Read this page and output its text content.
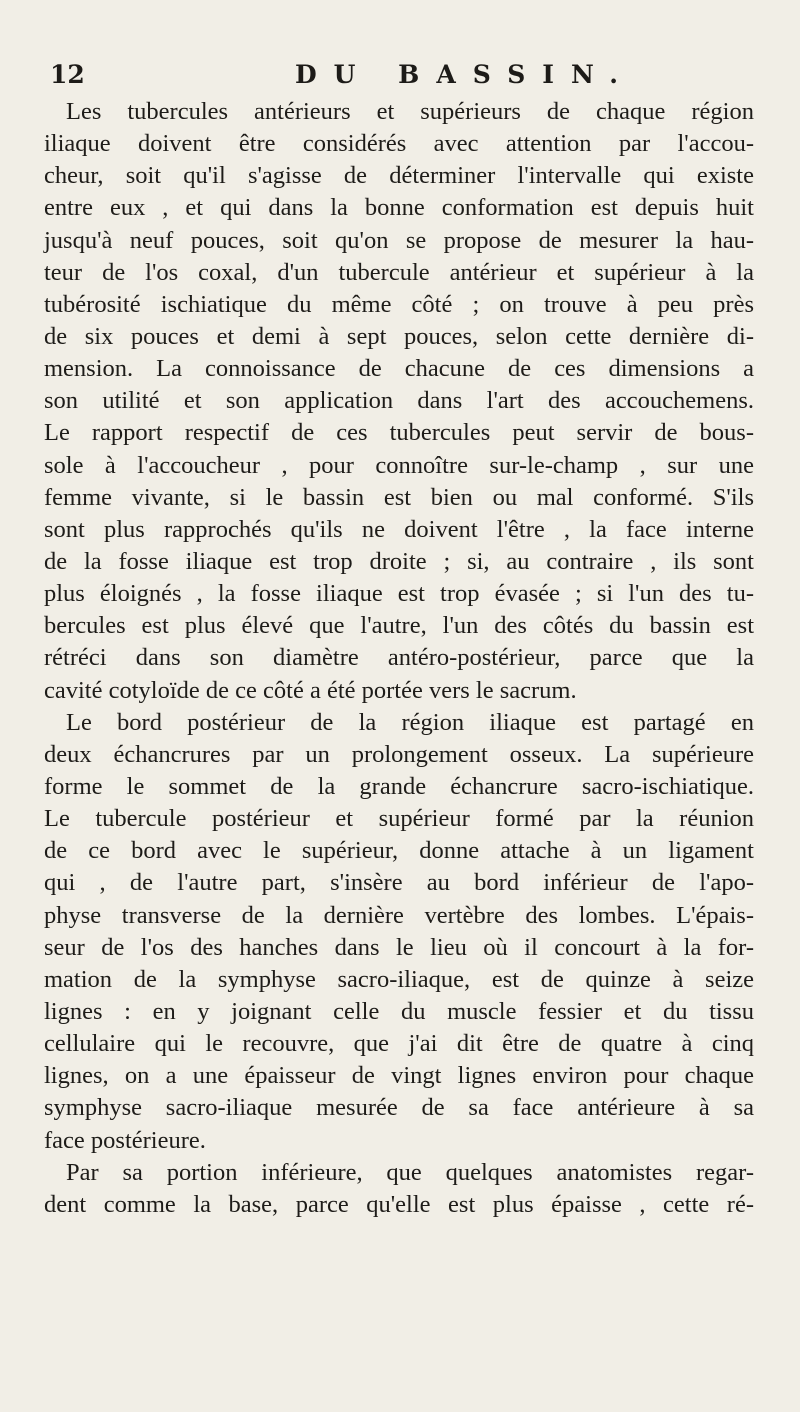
12	DU BASSIN.
Les tubercules antérieurs et supérieurs de chaque région
iliaque doivent être considérés avec attention par l'accou-
cheur, soit qu'il s'agisse de déterminer l'intervalle qui existe
entre eux , et qui dans la bonne conformation est depuis huit
jusqu'à neuf pouces, soit qu'on se propose de mesurer la hau-
teur de l'os coxal, d'un tubercule antérieur et supérieur à la
tubérosité ischiatique du même côté ; on trouve à peu près
de six pouces et demi à sept pouces, selon cette dernière di-
mension. La connoissance de chacune de ces dimensions a
son utilité et son application dans l'art des accouchemens.
Le rapport respectif de ces tubercules peut servir de bous-
sole à l'accoucheur , pour connoître sur-le-champ , sur une
femme vivante, si le bassin est bien ou mal conformé. S'ils
sont plus rapprochés qu'ils ne doivent l'être , la face interne
de la fosse iliaque est trop droite ; si, au contraire , ils sont
plus éloignés , la fosse iliaque est trop évasée ; si l'un des tu-
bercules est plus élevé que l'autre, l'un des côtés du bassin est
rétréci dans son diamètre antéro-postérieur, parce que la
cavité cotyloïde de ce côté a été portée vers le sacrum.
Le bord postérieur de la région iliaque est partagé en
deux échancrures par un prolongement osseux. La supérieure
forme le sommet de la grande échancrure sacro-ischiatique.
Le tubercule postérieur et supérieur formé par la réunion
de ce bord avec le supérieur, donne attache à un ligament
qui , de l'autre part, s'insère au bord inférieur de l'apo-
physe transverse de la dernière vertèbre des lombes. L'épais-
seur de l'os des hanches dans le lieu où il concourt à la for-
mation de la symphyse sacro-iliaque, est de quinze à seize
lignes : en y joignant celle du muscle fessier et du tissu
cellulaire qui le recouvre, que j'ai dit être de quatre à cinq
lignes, on a une épaisseur de vingt lignes environ pour chaque
symphyse sacro-iliaque mesurée de sa face antérieure à sa
face postérieure.
Par sa portion inférieure, que quelques anatomistes regar-
dent comme la base, parce qu'elle est plus épaisse , cette ré-
